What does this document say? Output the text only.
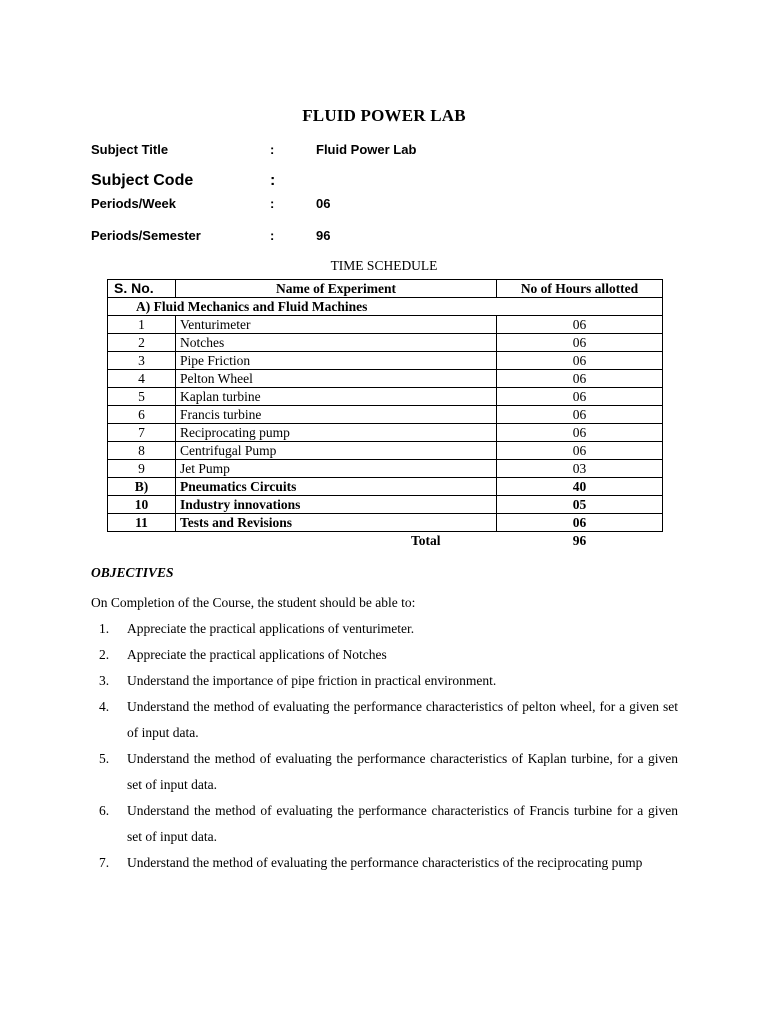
FLUID POWER LAB
Subject Title	:	Fluid Power Lab
Subject Code	:
Periods/Week	:	06
Periods/Semester	:	96
TIME SCHEDULE
S. No.	Name of Experiment	No of Hours allotted
A) Fluid Mechanics and Fluid Machines		
1	Venturimeter	06
2	Notches	06
3	Pipe Friction	06
4	Pelton Wheel	06
5	Kaplan turbine	06
6	Francis turbine	06
7	Reciprocating pump	06
8	Centrifugal Pump	06
9	Jet Pump	03
B)	Pneumatics Circuits	40
10	Industry innovations	05
11	Tests and Revisions	06
	Total	96
OBJECTIVES
On Completion of the Course, the student should be able to:
1. Appreciate the practical applications of venturimeter.
2. Appreciate the practical applications of Notches
3. Understand the importance of pipe friction in practical environment.
4. Understand the method of evaluating the performance characteristics of pelton wheel, for a given set of input data.
5. Understand the method of evaluating the performance characteristics of Kaplan turbine, for a given set of input data.
6. Understand the method of evaluating the performance characteristics of Francis turbine for a given set of input data.
7. Understand the method of evaluating the performance characteristics of the reciprocating pump
